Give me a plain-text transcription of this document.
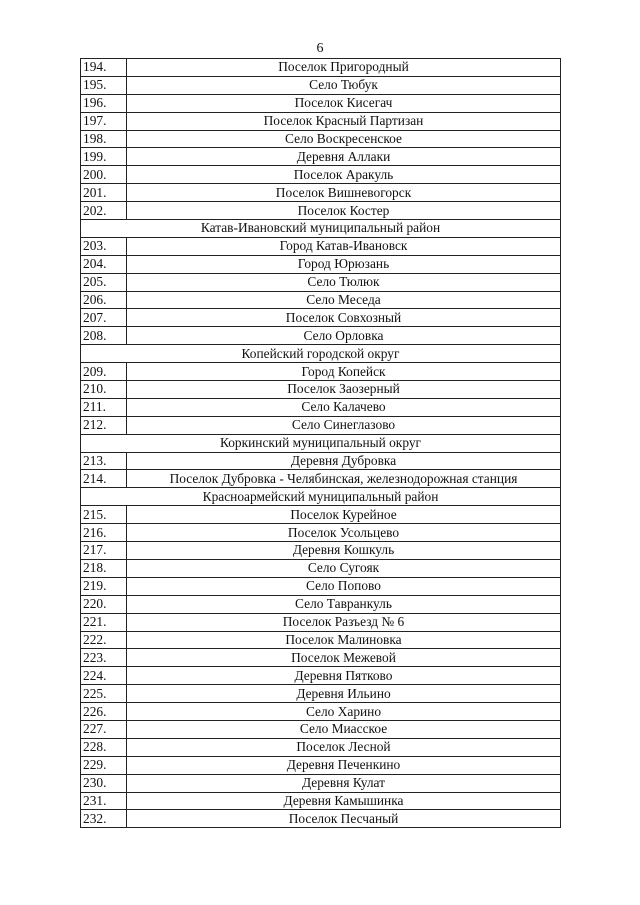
6
194.	Поселок Пригородный
195.	Село Тюбук
196.	Поселок Кисегач
197.	Поселок Красный Партизан
198.	Село Воскресенское
199.	Деревня Аллаки
200.	Поселок Аракуль
201.	Поселок Вишневогорск
202.	Поселок Костер
Катав-Ивановский муниципальный район	
203.	Город Катав-Ивановск
204.	Город Юрюзань
205.	Село Тюлюк
206.	Село Меседа
207.	Поселок Совхозный
208.	Село Орловка
Копейский городской округ	
209.	Город Копейск
210.	Поселок Заозерный
211.	Село Калачево
212.	Село Синеглазово
Коркинский муниципальный округ	
213.	Деревня Дубровка
214.	Поселок Дубровка - Челябинская, железнодорожная станция
Красноармейский муниципальный район	
215.	Поселок Курейное
216.	Поселок Усольцево
217.	Деревня Кошкуль
218.	Село Сугояк
219.	Село Попово
220.	Село Тавранкуль
221.	Поселок Разъезд № 6
222.	Поселок Малиновка
223.	Поселок Межевой
224.	Деревня Пятково
225.	Деревня Ильино
226.	Село Харино
227.	Село Миасское
228.	Поселок Лесной
229.	Деревня Печенкино
230.	Деревня Кулат
231.	Деревня Камышинка
232.	Поселок Песчаный
